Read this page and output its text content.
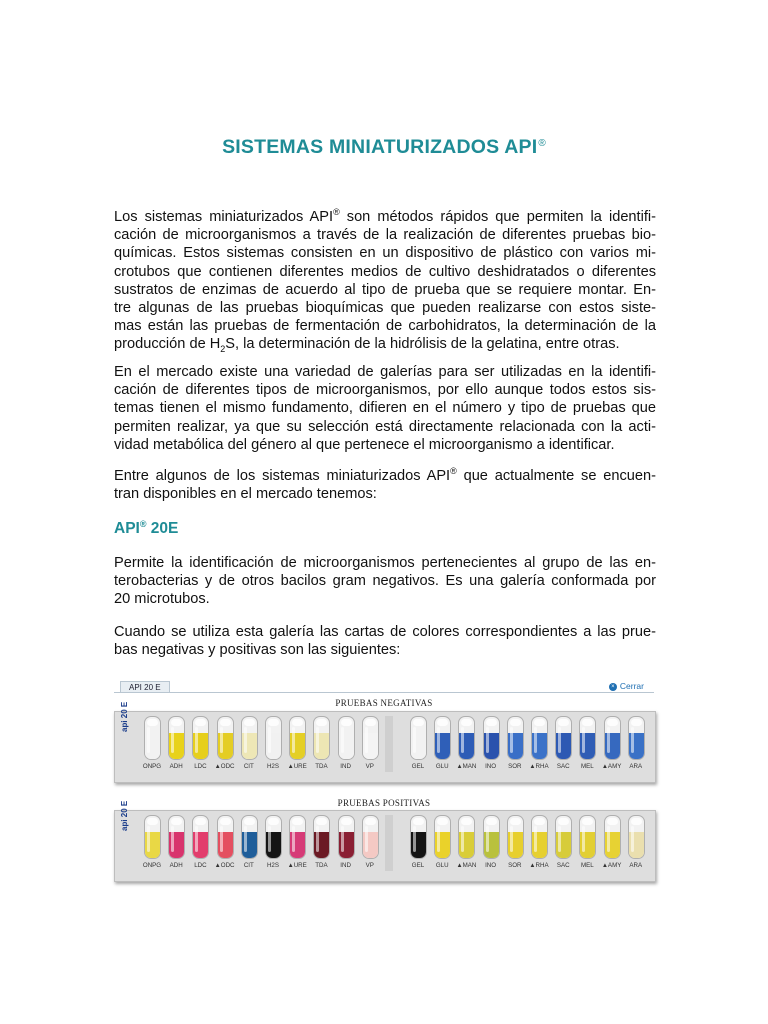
SISTEMAS MINIATURIZADOS API®
Los sistemas miniaturizados API® son métodos rápidos que permiten la identifi-
cación de microorganismos a través de la realización de diferentes pruebas bio-
químicas. Estos sistemas consisten en un dispositivo de plástico con varios mi-
crotubos que contienen diferentes medios de cultivo deshidratados o diferentes
sustratos de enzimas de acuerdo al tipo de prueba que se requiere montar. En-
tre algunas de las pruebas bioquímicas que pueden realizarse con estos siste-
mas están las pruebas de fermentación de carbohidratos, la determinación de la
producción de $H_2S$, la determinación de la hidrólisis de la gelatina, entre otras.
En el mercado existe una variedad de galerías para ser utilizadas en la identifi-
cación de diferentes tipos de microorganismos, por ello aunque todos estos sis-
temas tienen el mismo fundamento, difieren en el número y tipo de pruebas que
permiten realizar, ya que su selección está directamente relacionada con la acti-
vidad metabólica del género al que pertenece el microorganismo a identificar.
Entre algunos de los sistemas miniaturizados API® que actualmente se encuen-
tran disponibles en el mercado tenemos:
API® 20E
Permite la identificación de microorganismos pertenecientes al grupo de las en-
terobacterias y de otros bacilos gram negativos. Es una galería conformada por
20 microtubos.
Cuando se utiliza esta galería las cartas de colores correspondientes a las prue-
bas negativas y positivas son las siguientes:
API 20 E	× Cerrar
PRUEBAS NEGATIVAS
api 20 E
ONPG	ADH	LDC	▲ODC	CIT	H2S	▲URE	TDA	IND	VP	GEL	GLU	▲MAN	INO	SOR	▲RHA	SAC	MEL	▲AMY	ARA
PRUEBAS POSITIVAS
api 20 E
ONPG	ADH	LDC	▲ODC	CIT	H2S	▲URE	TDA	IND	VP	GEL	GLU	▲MAN	INO	SOR	▲RHA	SAC	MEL	▲AMY	ARA
